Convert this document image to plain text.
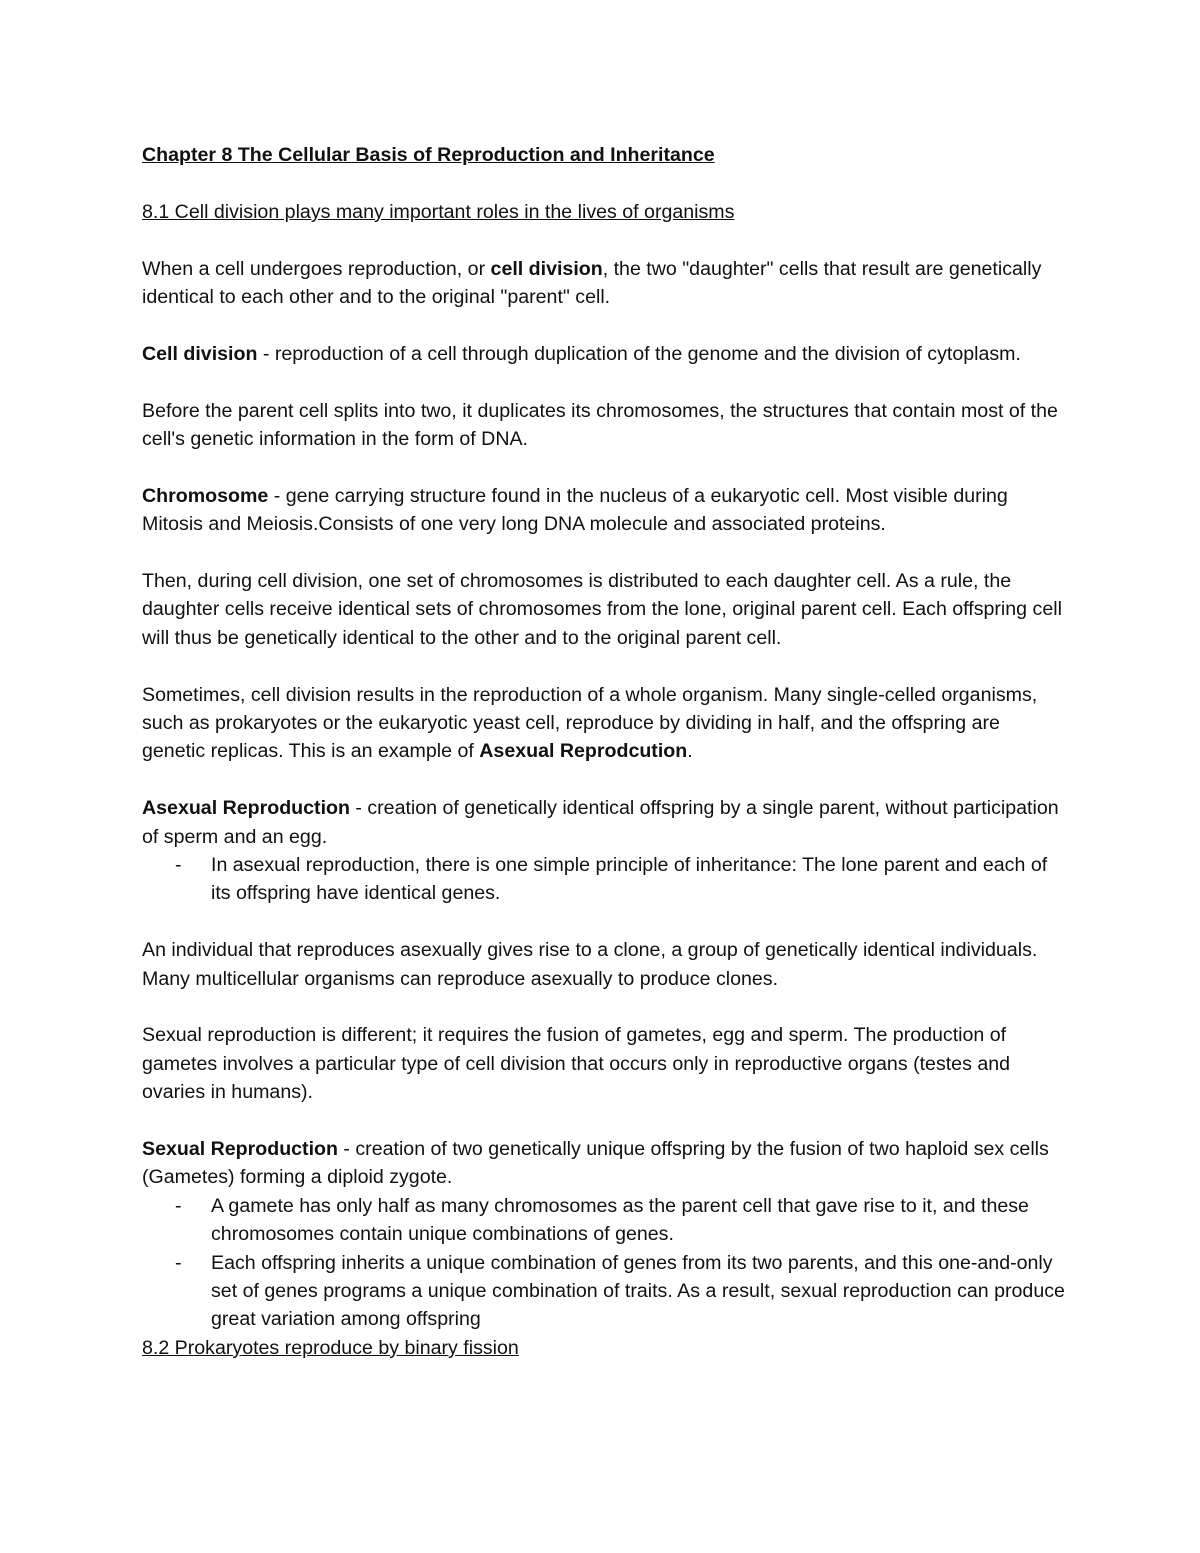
Chapter 8 The Cellular Basis of Reproduction and Inheritance

8.1 Cell division plays many important roles in the lives of organisms

When a cell undergoes reproduction, or cell division, the two "daughter" cells that result are genetically identical to each other and to the original "parent" cell.

Cell division - reproduction of a cell through duplication of the genome and the division of cytoplasm.

Before the parent cell splits into two, it duplicates its chromosomes, the structures that contain most of the cell's genetic information in the form of DNA.

Chromosome - gene carrying structure found in the nucleus of a eukaryotic cell. Most visible during Mitosis and Meiosis.Consists of one very long DNA molecule and associated proteins.

Then, during cell division, one set of chromosomes is distributed to each daughter cell. As a rule, the daughter cells receive identical sets of chromosomes from the lone, original parent cell. Each offspring cell will thus be genetically identical to the other and to the original parent cell.

Sometimes, cell division results in the reproduction of a whole organism. Many single-celled organisms, such as prokaryotes or the eukaryotic yeast cell, reproduce by dividing in half, and the offspring are genetic replicas. This is an example of Asexual Reprodcution.

Asexual Reproduction - creation of genetically identical offspring by a single parent, without participation of sperm and an egg.

- In asexual reproduction, there is one simple principle of inheritance: The lone parent and each of its offspring have identical genes.

An individual that reproduces asexually gives rise to a clone, a group of genetically identical individuals. Many multicellular organisms can reproduce asexually to produce clones.

Sexual reproduction is different; it requires the fusion of gametes, egg and sperm. The production of gametes involves a particular type of cell division that occurs only in reproductive organs (testes and ovaries in humans).

Sexual Reproduction - creation of two genetically unique offspring by the fusion of two haploid sex cells (Gametes) forming a diploid zygote.

- A gamete has only half as many chromosomes as the parent cell that gave rise to it, and these chromosomes contain unique combinations of genes.
- Each offspring inherits a unique combination of genes from its two parents, and this one-and-only set of genes programs a unique combination of traits. As a result, sexual reproduction can produce great variation among offspring

8.2 Prokaryotes reproduce by binary fission
